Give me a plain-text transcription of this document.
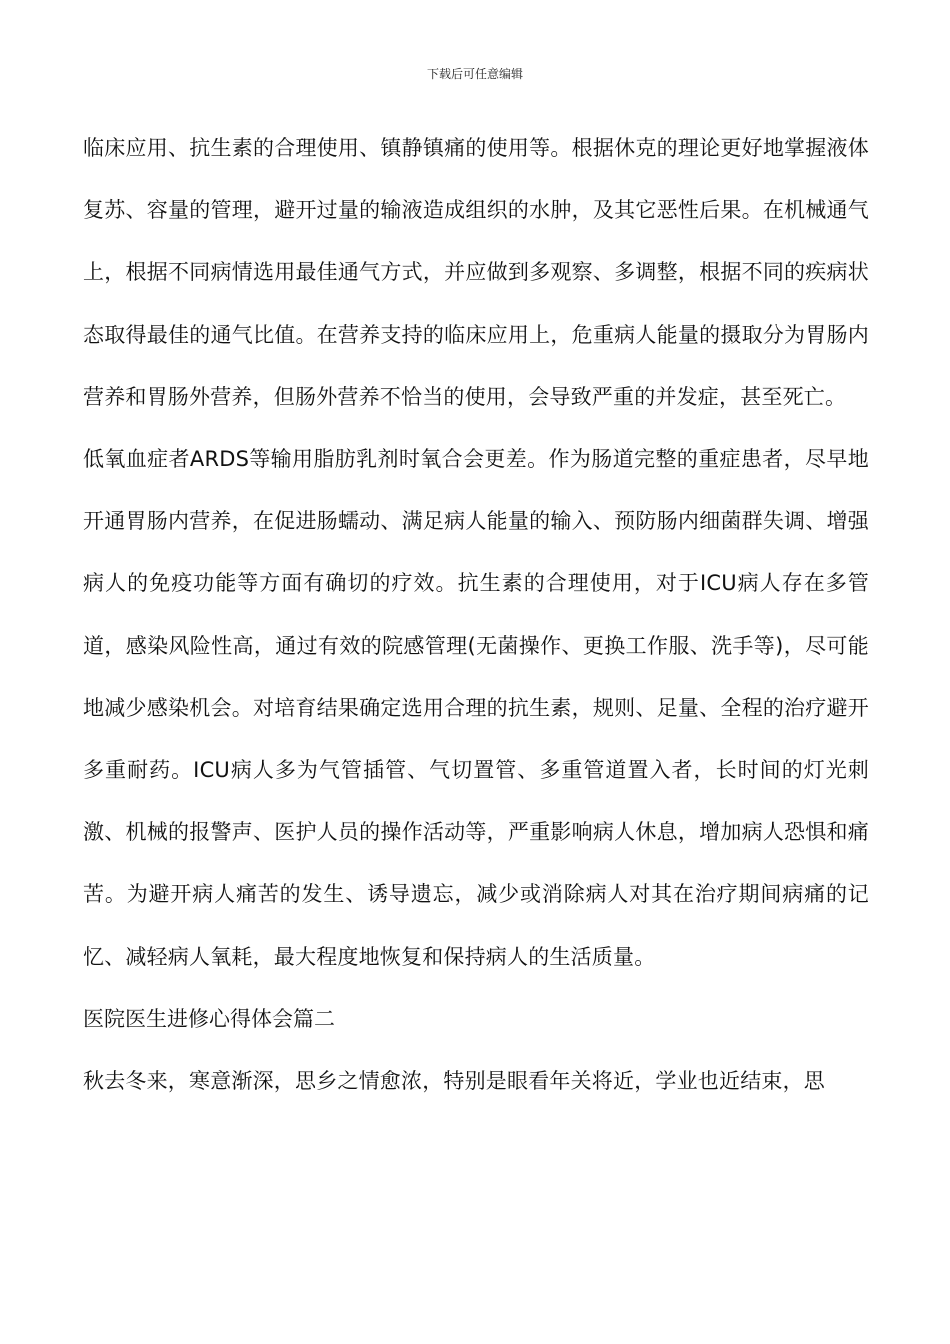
下载后可任意编辑

临床应用、抗生素的合理使用、镇静镇痛的使用等。根据休克的理论更好地掌握液体复苏、容量的管理，避开过量的输液造成组织的水肿，及其它恶性后果。在机械通气上，根据不同病情选用最佳通气方式，并应做到多观察、多调整，根据不同的疾病状态取得最佳的通气比值。在营养支持的临床应用上，危重病人能量的摄取分为胃肠内营养和胃肠外营养，但肠外营养不恰当的使用，会导致严重的并发症，甚至死亡。

低氧血症者ARDS等输用脂肪乳剂时氧合会更差。作为肠道完整的重症患者，尽早地开通胃肠内营养，在促进肠蠕动、满足病人能量的输入、预防肠内细菌群失调、增强病人的免疫功能等方面有确切的疗效。抗生素的合理使用，对于ICU病人存在多管道，感染风险性高，通过有效的院感管理(无菌操作、更换工作服、洗手等)，尽可能地减少感染机会。对培育结果确定选用合理的抗生素，规则、足量、全程的治疗避开多重耐药。ICU病人多为气管插管、气切置管、多重管道置入者，长时间的灯光刺激、机械的报警声、医护人员的操作活动等，严重影响病人休息，增加病人恐惧和痛苦。为避开病人痛苦的发生、诱导遗忘，减少或消除病人对其在治疗期间病痛的记忆、减轻病人氧耗，最大程度地恢复和保持病人的生活质量。

医院医生进修心得体会篇二

秋去冬来，寒意渐深，思乡之情愈浓，特别是眼看年关将近，学业也近结束，思
